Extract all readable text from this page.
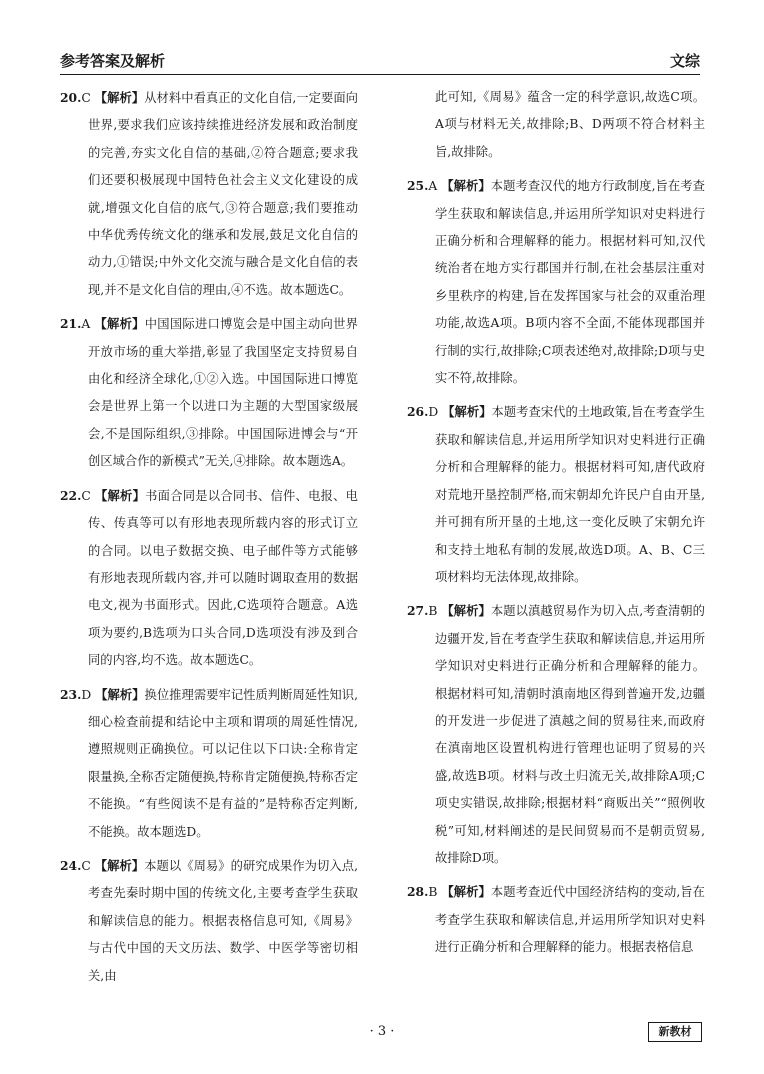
参考答案及解析	文综

20.C 【解析】从材料中看真正的文化自信,一定要面向世界,要求我们应该持续推进经济发展和政治制度的完善,夯实文化自信的基础,②符合题意;要求我们还要积极展现中国特色社会主义文化建设的成就,增强文化自信的底气,③符合题意;我们要推动中华优秀传统文化的继承和发展,鼓足文化自信的动力,①错误;中外文化交流与融合是文化自信的表现,并不是文化自信的理由,④不选。故本题选C。

21.A 【解析】中国国际进口博览会是中国主动向世界开放市场的重大举措,彰显了我国坚定支持贸易自由化和经济全球化,①②入选。中国国际进口博览会是世界上第一个以进口为主题的大型国家级展会,不是国际组织,③排除。中国国际进博会与“开创区域合作的新模式”无关,④排除。故本题选A。

22.C 【解析】书面合同是以合同书、信件、电报、电传、传真等可以有形地表现所载内容的形式订立的合同。以电子数据交换、电子邮件等方式能够有形地表现所载内容,并可以随时调取查用的数据电文,视为书面形式。因此,C选项符合题意。A选项为要约,B选项为口头合同,D选项没有涉及到合同的内容,均不选。故本题选C。

23.D 【解析】换位推理需要牢记性质判断周延性知识,细心检查前提和结论中主项和谓项的周延性情况,遵照规则正确换位。可以记住以下口诀:全称肯定限量换,全称否定随便换,特称肯定随便换,特称否定不能换。“有些阅读不是有益的”是特称否定判断,不能换。故本题选D。

24.C 【解析】本题以《周易》的研究成果作为切入点,考查先秦时期中国的传统文化,主要考查学生获取和解读信息的能力。根据表格信息可知,《周易》与古代中国的天文历法、数学、中医学等密切相关,由

此可知,《周易》蕴含一定的科学意识,故选C项。A项与材料无关,故排除;B、D两项不符合材料主旨,故排除。

25.A 【解析】本题考查汉代的地方行政制度,旨在考查学生获取和解读信息,并运用所学知识对史料进行正确分析和合理解释的能力。根据材料可知,汉代统治者在地方实行郡国并行制,在社会基层注重对乡里秩序的构建,旨在发挥国家与社会的双重治理功能,故选A项。B项内容不全面,不能体现郡国并行制的实行,故排除;C项表述绝对,故排除;D项与史实不符,故排除。

26.D 【解析】本题考查宋代的土地政策,旨在考查学生获取和解读信息,并运用所学知识对史料进行正确分析和合理解释的能力。根据材料可知,唐代政府对荒地开垦控制严格,而宋朝却允许民户自由开垦,并可拥有所开垦的土地,这一变化反映了宋朝允许和支持土地私有制的发展,故选D项。A、B、C三项材料均无法体现,故排除。

27.B 【解析】本题以滇越贸易作为切入点,考查清朝的边疆开发,旨在考查学生获取和解读信息,并运用所学知识对史料进行正确分析和合理解释的能力。根据材料可知,清朝时滇南地区得到普遍开发,边疆的开发进一步促进了滇越之间的贸易往来,而政府在滇南地区设置机构进行管理也证明了贸易的兴盛,故选B项。材料与改土归流无关,故排除A项;C项史实错误,故排除;根据材料“商贩出关”“照例收税”可知,材料阐述的是民间贸易而不是朝贡贸易,故排除D项。

28.B 【解析】本题考查近代中国经济结构的变动,旨在考查学生获取和解读信息,并运用所学知识对史料进行正确分析和合理解释的能力。根据表格信息

· 3 ·	新教材
